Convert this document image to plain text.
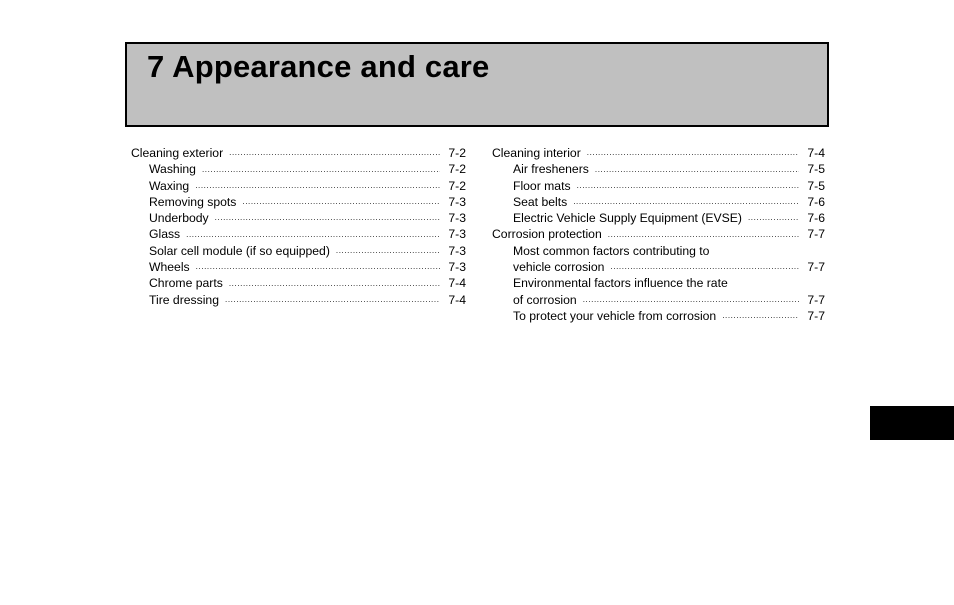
7 Appearance and care
Cleaning exterior .....	7-2
Washing .....	7-2
Waxing .....	7-2
Removing spots .....	7-3
Underbody .....	7-3
Glass .....	7-3
Solar cell module (if so equipped) .....	7-3
Wheels .....	7-3
Chrome parts .....	7-4
Tire dressing .....	7-4
Cleaning interior .....	7-4
Air fresheners .....	7-5
Floor mats .....	7-5
Seat belts .....	7-6
Electric Vehicle Supply Equipment (EVSE) .....	7-6
Corrosion protection .....	7-7
Most common factors contributing to
vehicle corrosion .....	7-7
Environmental factors influence the rate
of corrosion .....	7-7
To protect your vehicle from corrosion .....	7-7
